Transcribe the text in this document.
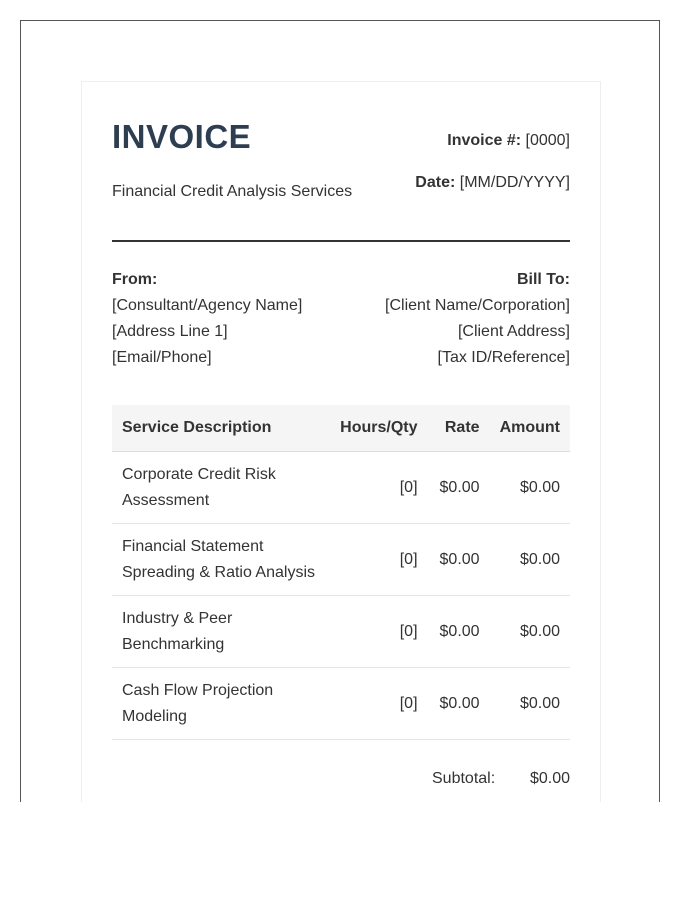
INVOICE
Financial Credit Analysis Services
Invoice #: [0000]
Date: [MM/DD/YYYY]
From:
[Consultant/Agency Name]
[Address Line 1]
[Email/Phone]
Bill To:
[Client Name/Corporation]
[Client Address]
[Tax ID/Reference]
Service Description	Hours/Qty	Rate	Amount
Corporate Credit Risk Assessment	[0]	$0.00	$0.00
Financial Statement Spreading & Ratio Analysis	[0]	$0.00	$0.00
Industry & Peer Benchmarking	[0]	$0.00	$0.00
Cash Flow Projection Modeling	[0]	$0.00	$0.00
Subtotal: $0.00
